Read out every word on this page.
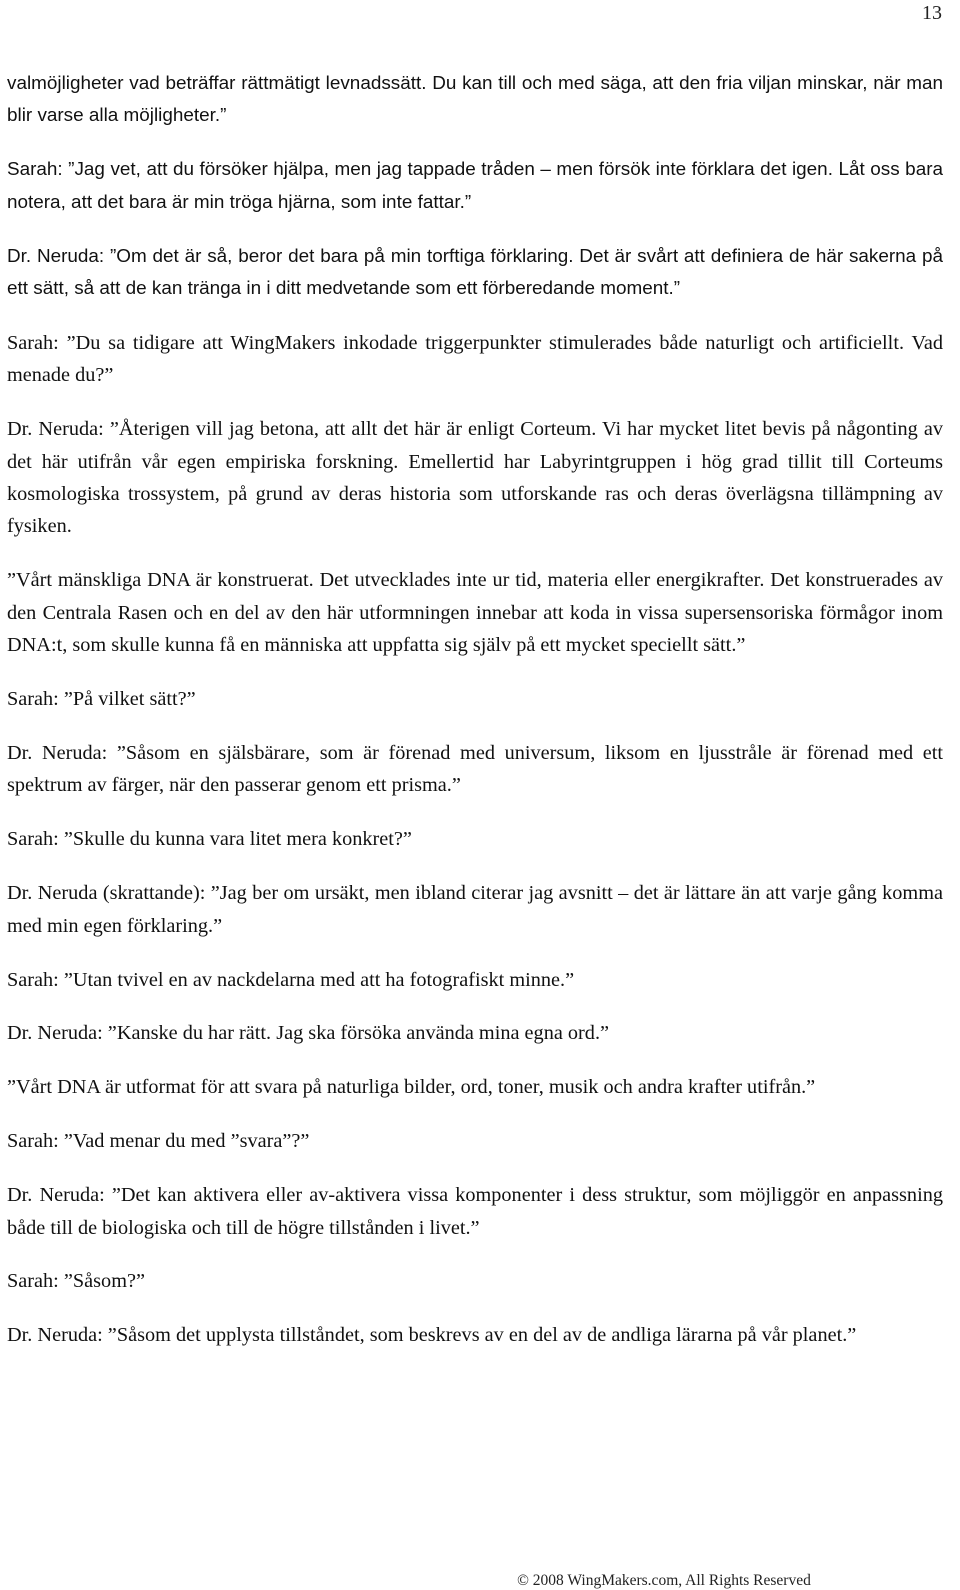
13

valmöjligheter vad beträffar rättmätigt levnadssätt. Du kan till och med säga, att den fria viljan minskar, när man blir varse alla möjligheter.”

Sarah: ”Jag vet, att du försöker hjälpa, men jag tappade tråden – men försök inte förklara det igen. Låt oss bara notera, att det bara är min tröga hjärna, som inte fattar.”

Dr. Neruda: ”Om det är så, beror det bara på min torftiga förklaring. Det är svårt att definiera de här sakerna på ett sätt, så att de kan tränga in i ditt medvetande som ett förberedande moment.”

Sarah: ”Du sa tidigare att WingMakers inkodade triggerpunkter stimulerades både naturligt och artificiellt. Vad menade du?”

Dr. Neruda: ”Återigen vill jag betona, att allt det här är enligt Corteum. Vi har mycket litet bevis på någonting av det här utifrån vår egen empiriska forskning. Emellertid har Labyrintgruppen i hög grad tillit till Corteums kosmologiska trossystem, på grund av deras historia som utforskande ras och deras överlägsna tillämpning av fysiken.

”Vårt mänskliga DNA är konstruerat. Det utvecklades inte ur tid, materia eller energikrafter. Det konstruerades av den Centrala Rasen och en del av den här utformningen innebar att koda in vissa supersensoriska förmågor inom DNA:t, som skulle kunna få en människa att uppfatta sig själv på ett mycket speciellt sätt.”

Sarah: ”På vilket sätt?”

Dr. Neruda: ”Såsom en själsbärare, som är förenad med universum, liksom en ljusstråle är förenad med ett spektrum av färger, när den passerar genom ett prisma.”

Sarah: ”Skulle du kunna vara litet mera konkret?”

Dr. Neruda (skrattande): ”Jag ber om ursäkt, men ibland citerar jag avsnitt – det är lättare än att varje gång komma med min egen förklaring.”

Sarah: ”Utan tvivel en av nackdelarna med att ha fotografiskt minne.”

Dr. Neruda: ”Kanske du har rätt. Jag ska försöka använda mina egna ord.”

”Vårt DNA är utformat för att svara på naturliga bilder, ord, toner, musik och andra krafter utifrån.”

Sarah: ”Vad menar du med ”svara”?”

Dr. Neruda: ”Det kan aktivera eller av-aktivera vissa komponenter i dess struktur, som möjliggör en anpassning både till de biologiska och till de högre tillstånden i livet.”

Sarah: ”Såsom?”

Dr. Neruda: ”Såsom det upplysta tillståndet, som beskrevs av en del av de andliga lärarna på vår planet.”

© 2008 WingMakers.com, All Rights Reserved
